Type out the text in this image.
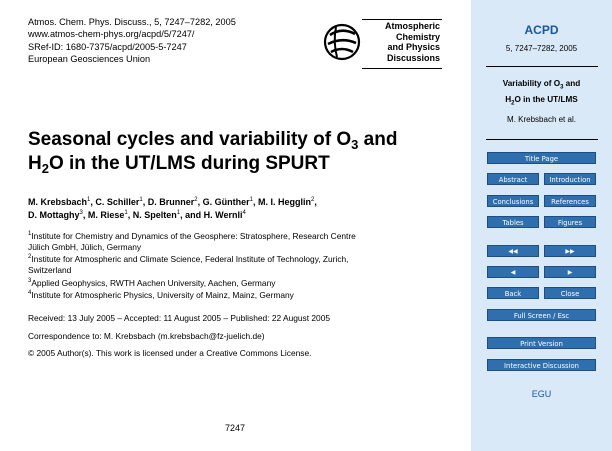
Atmos. Chem. Phys. Discuss., 5, 7247–7282, 2005
www.atmos-chem-phys.org/acpd/5/7247/
SRef-ID: 1680-7375/acpd/2005-5-7247
European Geosciences Union
Atmospheric
Chemistry
and Physics
Discussions
Seasonal cycles and variability of $O_3$ and
$H_2O$ in the UT/LMS during SPURT
M. Krebsbach$^1$, C. Schiller$^1$, D. Brunner$^2$, G. Günther$^1$, M. I. Hegglin$^2$,
D. Mottaghy$^3$, M. Riese$^1$, N. Spelten$^1$, and H. Wernli$^4$
$^1$Institute for Chemistry and Dynamics of the Geosphere: Stratosphere, Research Centre
Jülich GmbH, Jülich, Germany
$^2$Institute for Atmospheric and Climate Science, Federal Institute of Technology, Zurich,
Switzerland
$^3$Applied Geophysics, RWTH Aachen University, Aachen, Germany
$^4$Institute for Atmospheric Physics, University of Mainz, Mainz, Germany
Received: 13 July 2005 – Accepted: 11 August 2005 – Published: 22 August 2005
Correspondence to: M. Krebsbach (m.krebsbach@fz-juelich.de)
© 2005 Author(s). This work is licensed under a Creative Commons License.
7247
ACPD
5, 7247–7282, 2005
Variability of $O_3$ and
$H_2O$ in the UT/LMS
M. Krebsbach et al.
EGU
Title Page
Abstract	Introduction
Conclusions	References
Tables	Figures
◀◀	▶▶
◀	▶
Back	Close
Full Screen / Esc
Print Version
Interactive Discussion
